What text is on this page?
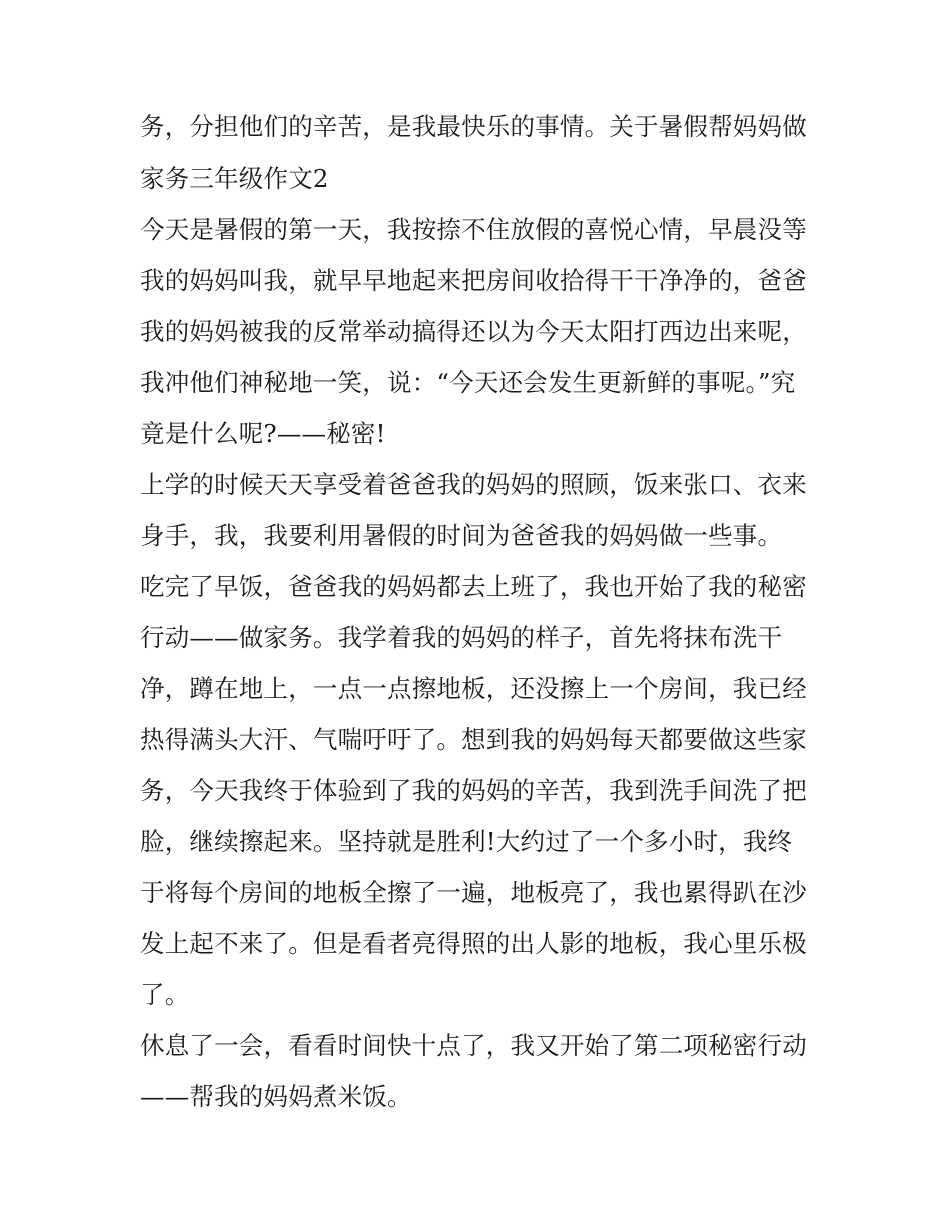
务，分担他们的辛苦，是我最快乐的事情。关于暑假帮妈妈做
家务三年级作文2
今天是暑假的第一天，我按捺不住放假的喜悦心情，早晨没等
我的妈妈叫我，就早早地起来把房间收拾得干干净净的，爸爸
我的妈妈被我的反常举动搞得还以为今天太阳打西边出来呢，
我冲他们神秘地一笑，说：“今天还会发生更新鲜的事呢。”究
竟是什么呢?——秘密!
上学的时候天天享受着爸爸我的妈妈的照顾，饭来张口、衣来
身手，我，我要利用暑假的时间为爸爸我的妈妈做一些事。
吃完了早饭，爸爸我的妈妈都去上班了，我也开始了我的秘密
行动——做家务。我学着我的妈妈的样子，首先将抹布洗干
净，蹲在地上，一点一点擦地板，还没擦上一个房间，我已经
热得满头大汗、气喘吁吁了。想到我的妈妈每天都要做这些家
务，今天我终于体验到了我的妈妈的辛苦，我到洗手间洗了把
脸，继续擦起来。坚持就是胜利!大约过了一个多小时，我终
于将每个房间的地板全擦了一遍，地板亮了，我也累得趴在沙
发上起不来了。但是看者亮得照的出人影的地板，我心里乐极
了。
休息了一会，看看时间快十点了，我又开始了第二项秘密行动
——帮我的妈妈煮米饭。
